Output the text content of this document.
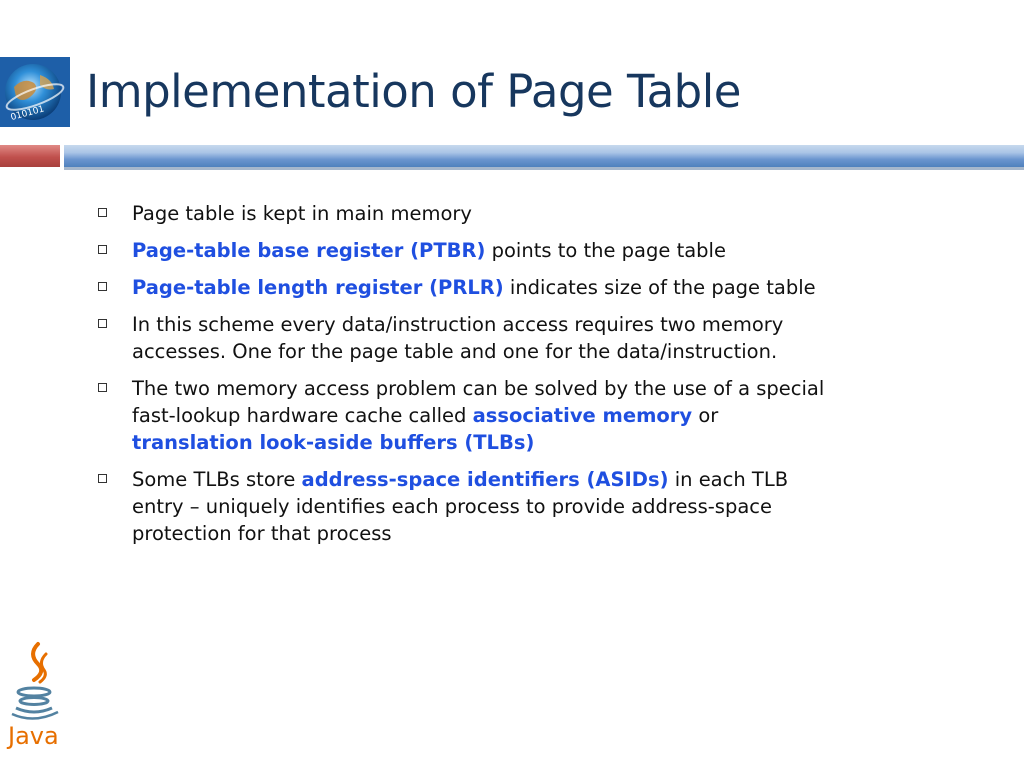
010101 Implementation of Page Table
Page table is kept in main memory
Page-table base register (PTBR) points to the page table
Page-table length register (PRLR) indicates size of the page table
In this scheme every data/instruction access requires two memory accesses. One for the page table and one for the data/instruction.
The two memory access problem can be solved by the use of a special fast-lookup hardware cache called associative memory or translation look-aside buffers (TLBs)
Some TLBs store address-space identifiers (ASIDs) in each TLB entry – uniquely identifies each process to provide address-space protection for that process
Java
